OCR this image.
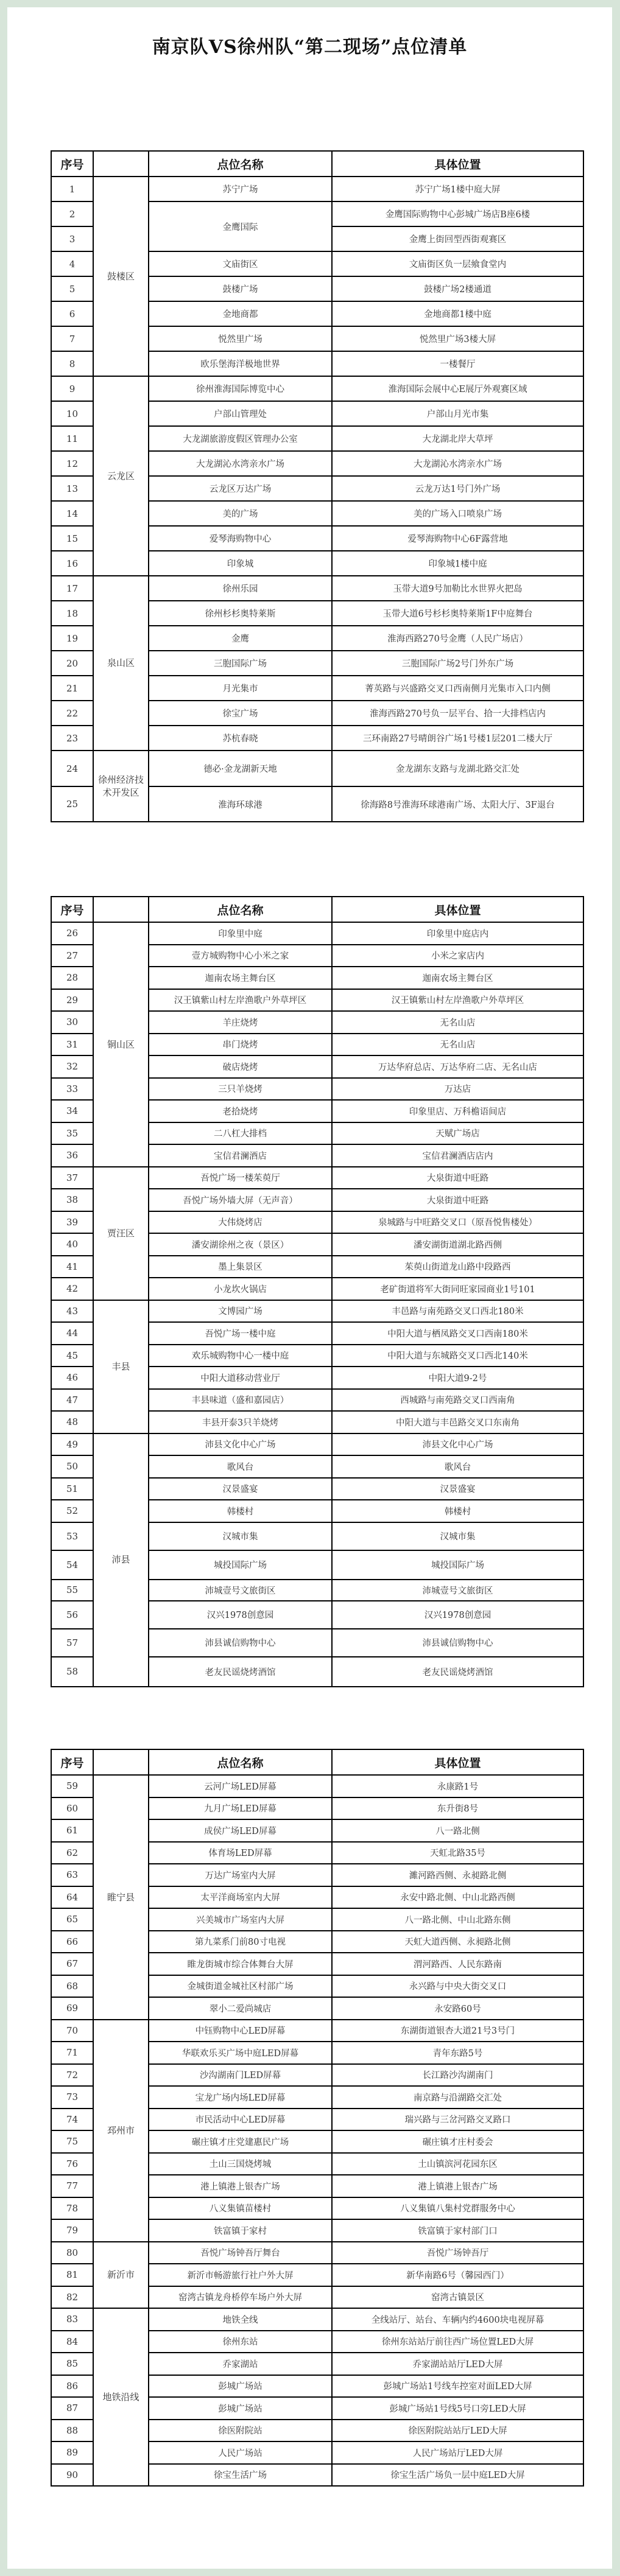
南京队VS徐州队“第二现场”点位清单
序号		点位名称	具体位置
1	鼓楼区	苏宁广场	苏宁广场1楼中庭大屏
2		金鹰国际	金鹰国际购物中心彭城广场店B座6楼
3			金鹰上街回型西街观赛区
4		文庙街区	文庙街区负一层飨食堂内
5		鼓楼广场	鼓楼广场2楼通道
6		金地商都	金地商都1楼中庭
7		悦然里广场	悦然里广场3楼大屏
8		欧乐堡海洋极地世界	一楼餐厅
9	云龙区	徐州淮海国际博览中心	淮海国际会展中心E展厅外观赛区域
10		户部山管理处	户部山月光市集
11		大龙湖旅游度假区管理办公室	大龙湖北岸大草坪
12		大龙湖沁水湾亲水广场	大龙湖沁水湾亲水广场
13		云龙区万达广场	云龙万达1号门外广场
14		美的广场	美的广场入口喷泉广场
15		爱琴海购物中心	爱琴海购物中心6F露营地
16		印象城	印象城1楼中庭
17	泉山区	徐州乐园	玉带大道9号加勒比水世界火把岛
18		徐州杉杉奥特莱斯	玉带大道6号杉杉奥特莱斯1F中庭舞台
19		金鹰	淮海西路270号金鹰（人民广场店）
20		三胞国际广场	三胞国际广场2号门外东广场
21		月光集市	菁英路与兴盛路交叉口西南侧月光集市入口内侧
22		徐宝广场	淮海西路270号负一层平台、拾一大排档店内
23		苏杭春晓	三环南路27号晴朗谷广场1号楼1层201二楼大厅
24	徐州经济技术开发区	德必·金龙湖新天地	金龙湖东支路与龙湖北路交汇处
25		淮海环球港	徐海路8号淮海环球港南广场、太阳大厅、3F退台
序号		点位名称	具体位置
26	铜山区	印象里中庭	印象里中庭店内
27		壹方城购物中心小米之家	小米之家店内
28		迦南农场主舞台区	迦南农场主舞台区
29		汉王镇紫山村左岸渔歌户外草坪区	汉王镇紫山村左岸渔歌户外草坪区
30		羊庄烧烤	无名山店
31		串门烧烤	无名山店
32		破店烧烤	万达华府总店、万达华府二店、无名山店
33		三只羊烧烤	万达店
34		老拾烧烤	印象里店、万科檐语间店
35		二八杠大排档	天赋广场店
36		宝信君澜酒店	宝信君澜酒店店内
37	贾汪区	吾悦广场一楼茱萸厅	大泉街道中旺路
38		吾悦广场外墙大屏（无声音）	大泉街道中旺路
39		大伟烧烤店	泉城路与中旺路交叉口（原吾悦售楼处）
40		潘安湖徐州之夜（景区）	潘安湖街道湖北路西侧
41		墨上集景区	茱萸山街道龙山路中段路西
42		小龙坎火锅店	老矿街道将军大街同旺家园商业1号101
43	丰县	文博园广场	丰邑路与南苑路交叉口西北180米
44		吾悦广场一楼中庭	中阳大道与栖凤路交叉口西南180米
45		欢乐城购物中心一楼中庭	中阳大道与东城路交叉口西北140米
46		中阳大道移动营业厅	中阳大道9-2号
47		丰县味道（盛和嘉园店）	西城路与南苑路交叉口西南角
48		丰县开泰3只羊烧烤	中阳大道与丰邑路交叉口东南角
49	沛县	沛县文化中心广场	沛县文化中心广场
50		歌风台	歌风台
51		汉景盛宴	汉景盛宴
52		韩楼村	韩楼村
53		汉城市集	汉城市集
54		城投国际广场	城投国际广场
55		沛城壹号文旅街区	沛城壹号文旅街区
56		汉兴1978创意园	汉兴1978创意园
57		沛县诚信购物中心	沛县诚信购物中心
58		老友民谣烧烤酒馆	老友民谣烧烤酒馆
序号		点位名称	具体位置
59	睢宁县	云河广场LED屏幕	永康路1号
60		九月广场LED屏幕	东升街8号
61		成侯广场LED屏幕	八一路北侧
62		体育场LED屏幕	天虹北路35号
63		万达广场室内大屏	濉河路西侧、永昶路北侧
64		太平洋商场室内大屏	永安中路北侧、中山北路西侧
65		兴美城市广场室内大屏	八一路北侧、中山北路东侧
66		第九菜系门前80寸电视	天虹大道西侧、永昶路北侧
67		睢龙街城市综合体舞台大屏	渭河路西、人民东路南
68		金城街道金城社区村部广场	永兴路与中央大街交叉口
69		翠小二爱尚城店	永安路60号
70	邳州市	中钰购物中心LED屏幕	东湖街道银杏大道21号3号门
71		华联欢乐买广场中庭LED屏幕	青年东路5号
72		沙沟湖南门LED屏幕	长江路沙沟湖南门
73		宝龙广场内场LED屏幕	南京路与沿湖路交汇处
74		市民活动中心LED屏幕	瑞兴路与三岔河路交叉路口
75		碾庄镇才庄党建惠民广场	碾庄镇才庄村委会
76		土山三国烧烤城	土山镇滨河花园东区
77		港上镇港上银杏广场	港上镇港上银杏广场
78		八义集镇苗楼村	八义集镇八集村党群服务中心
79		铁富镇于家村	铁富镇于家村部门口
80	新沂市	吾悦广场钟吾厅舞台	吾悦广场钟吾厅
81		新沂市畅游旅行社户外大屏	新华南路6号（馨园西门）
82		窑湾古镇龙舟桥停车场户外大屏	窑湾古镇景区
83	地铁沿线	地铁全线	全线站厅、站台、车辆内约4600块电视屏幕
84		徐州东站	徐州东站站厅前往西广场位置LED大屏
85		乔家湖站	乔家湖站站厅LED大屏
86		彭城广场站	彭城广场站1号线车控室对面LED大屏
87		彭城广场站	彭城广场站1号线5号口旁LED大屏
88		徐医附院站	徐医附院站站厅LED大屏
89		人民广场站	人民广场站厅LED大屏
90		徐宝生活广场	徐宝生活广场负一层中庭LED大屏
